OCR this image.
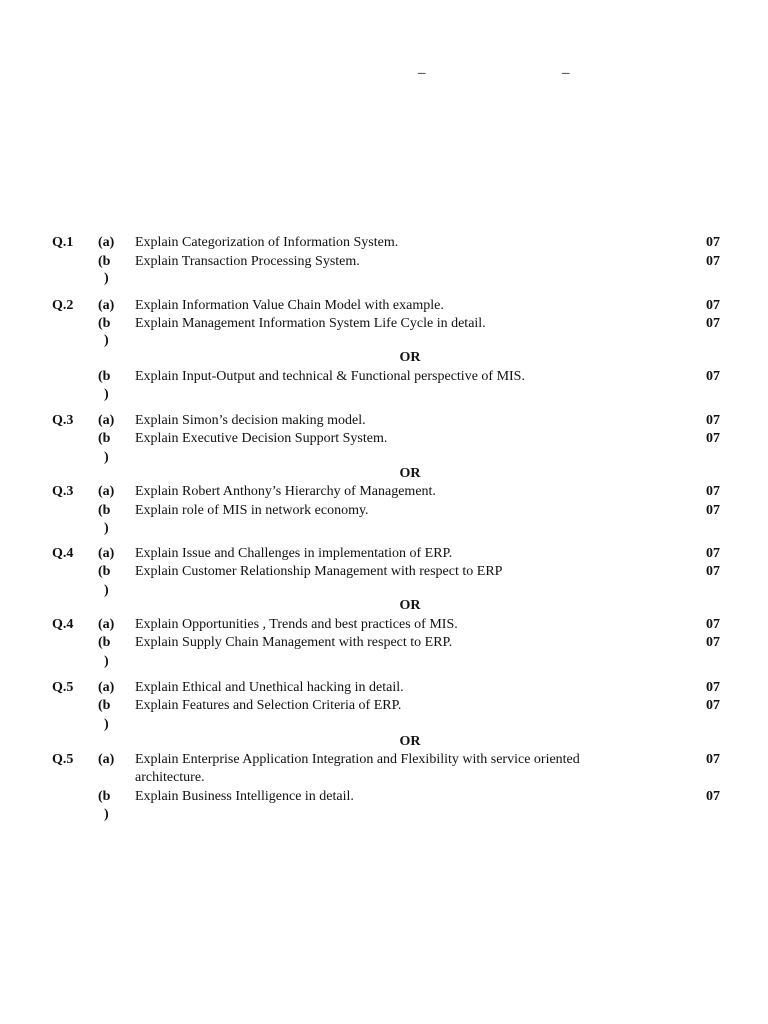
–	–
Q.1 (a) Explain Categorization of Information System.	07
(b Explain Transaction Processing System.	07
)
Q.2 (a) Explain Information Value Chain Model with example.	07
(b Explain Management Information System Life Cycle in detail.	07
)
OR
(b Explain Input-Output and technical & Functional perspective of MIS.	07
)
Q.3 (a) Explain Simon’s decision making model.	07
(b Explain Executive Decision Support System.	07
)
OR
Q.3 (a) Explain Robert Anthony’s Hierarchy of Management.	07
(b Explain role of MIS in network economy.	07
)
Q.4 (a) Explain Issue and Challenges in implementation of ERP.	07
(b Explain Customer Relationship Management with respect to ERP	07
)
OR
Q.4 (a) Explain Opportunities , Trends and best practices of MIS.	07
(b Explain Supply Chain Management with respect to ERP.	07
)
Q.5 (a) Explain Ethical and Unethical hacking in detail.	07
(b Explain Features and Selection Criteria of ERP.	07
)
OR
Q.5 (a) Explain Enterprise Application Integration and Flexibility with service oriented	07
architecture.
(b Explain Business Intelligence in detail.	07
)
